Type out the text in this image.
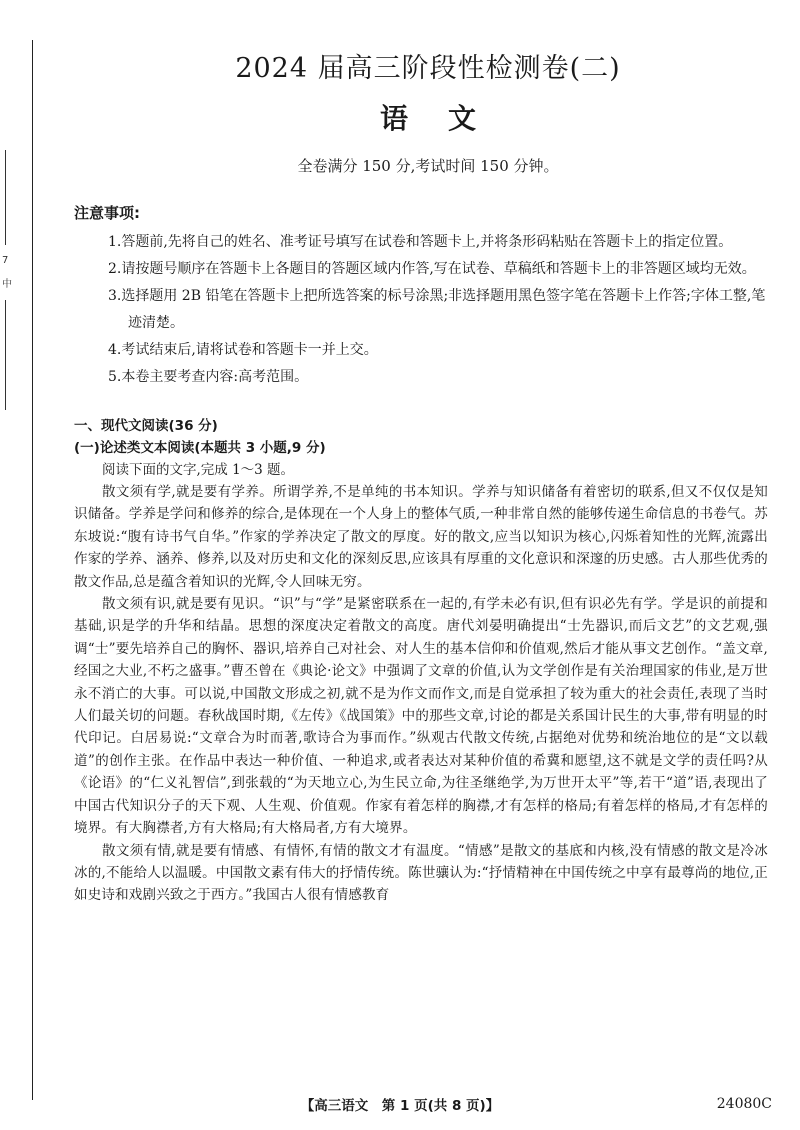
7
中
2024 届高三阶段性检测卷(二)
语文
全卷满分 150 分,考试时间 150 分钟。
注意事项:
1.答题前,先将自己的姓名、准考证号填写在试卷和答题卡上,并将条形码粘贴在答题卡上的指定位置。
2.请按题号顺序在答题卡上各题目的答题区域内作答,写在试卷、草稿纸和答题卡上的非答题区域均无效。
3.选择题用 2B 铅笔在答题卡上把所选答案的标号涂黑;非选择题用黑色签字笔在答题卡上作答;字体工整,笔迹清楚。
4.考试结束后,请将试卷和答题卡一并上交。
5.本卷主要考查内容:高考范围。
一、现代文阅读(36 分)
(一)论述类文本阅读(本题共 3 小题,9 分)

阅读下面的文字,完成 1～3 题。

散文须有学,就是要有学养。所谓学养,不是单纯的书本知识。学养与知识储备有着密切的联系,但又不仅仅是知识储备。学养是学问和修养的综合,是体现在一个人身上的整体气质,一种非常自然的能够传递生命信息的书卷气。苏东坡说:“腹有诗书气自华。”作家的学养决定了散文的厚度。好的散文,应当以知识为核心,闪烁着知性的光辉,流露出作家的学养、涵养、修养,以及对历史和文化的深刻反思,应该具有厚重的文化意识和深邃的历史感。古人那些优秀的散文作品,总是蕴含着知识的光辉,令人回味无穷。

散文须有识,就是要有见识。“识”与“学”是紧密联系在一起的,有学未必有识,但有识必先有学。学是识的前提和基础,识是学的升华和结晶。思想的深度决定着散文的高度。唐代刘晏明确提出“士先器识,而后文艺”的文艺观,强调“士”要先培养自己的胸怀、器识,培养自己对社会、对人生的基本信仰和价值观,然后才能从事文艺创作。“盖文章,经国之大业,不朽之盛事。”曹丕曾在《典论·论文》中强调了文章的价值,认为文学创作是有关治理国家的伟业,是万世永不消亡的大事。可以说,中国散文形成之初,就不是为作文而作文,而是自觉承担了较为重大的社会责任,表现了当时人们最关切的问题。春秋战国时期,《左传》《战国策》中的那些文章,讨论的都是关系国计民生的大事,带有明显的时代印记。白居易说:“文章合为时而著,歌诗合为事而作。”纵观古代散文传统,占据绝对优势和统治地位的是“文以载道”的创作主张。在作品中表达一种价值、一种追求,或者表达对某种价值的希冀和愿望,这不就是文学的责任吗?从《论语》的“仁义礼智信”,到张载的“为天地立心,为生民立命,为往圣继绝学,为万世开太平”等,若干“道”语,表现出了中国古代知识分子的天下观、人生观、价值观。作家有着怎样的胸襟,才有怎样的格局;有着怎样的格局,才有怎样的境界。有大胸襟者,方有大格局;有大格局者,方有大境界。

散文须有情,就是要有情感、有情怀,有情的散文才有温度。“情感”是散文的基底和内核,没有情感的散文是冷冰冰的,不能给人以温暖。中国散文素有伟大的抒情传统。陈世骧认为:“抒情精神在中国传统之中享有最尊尚的地位,正如史诗和戏剧兴致之于西方。”我国古人很有情感教育

【高三语文　第 1 页(共 8 页)】	24080C
